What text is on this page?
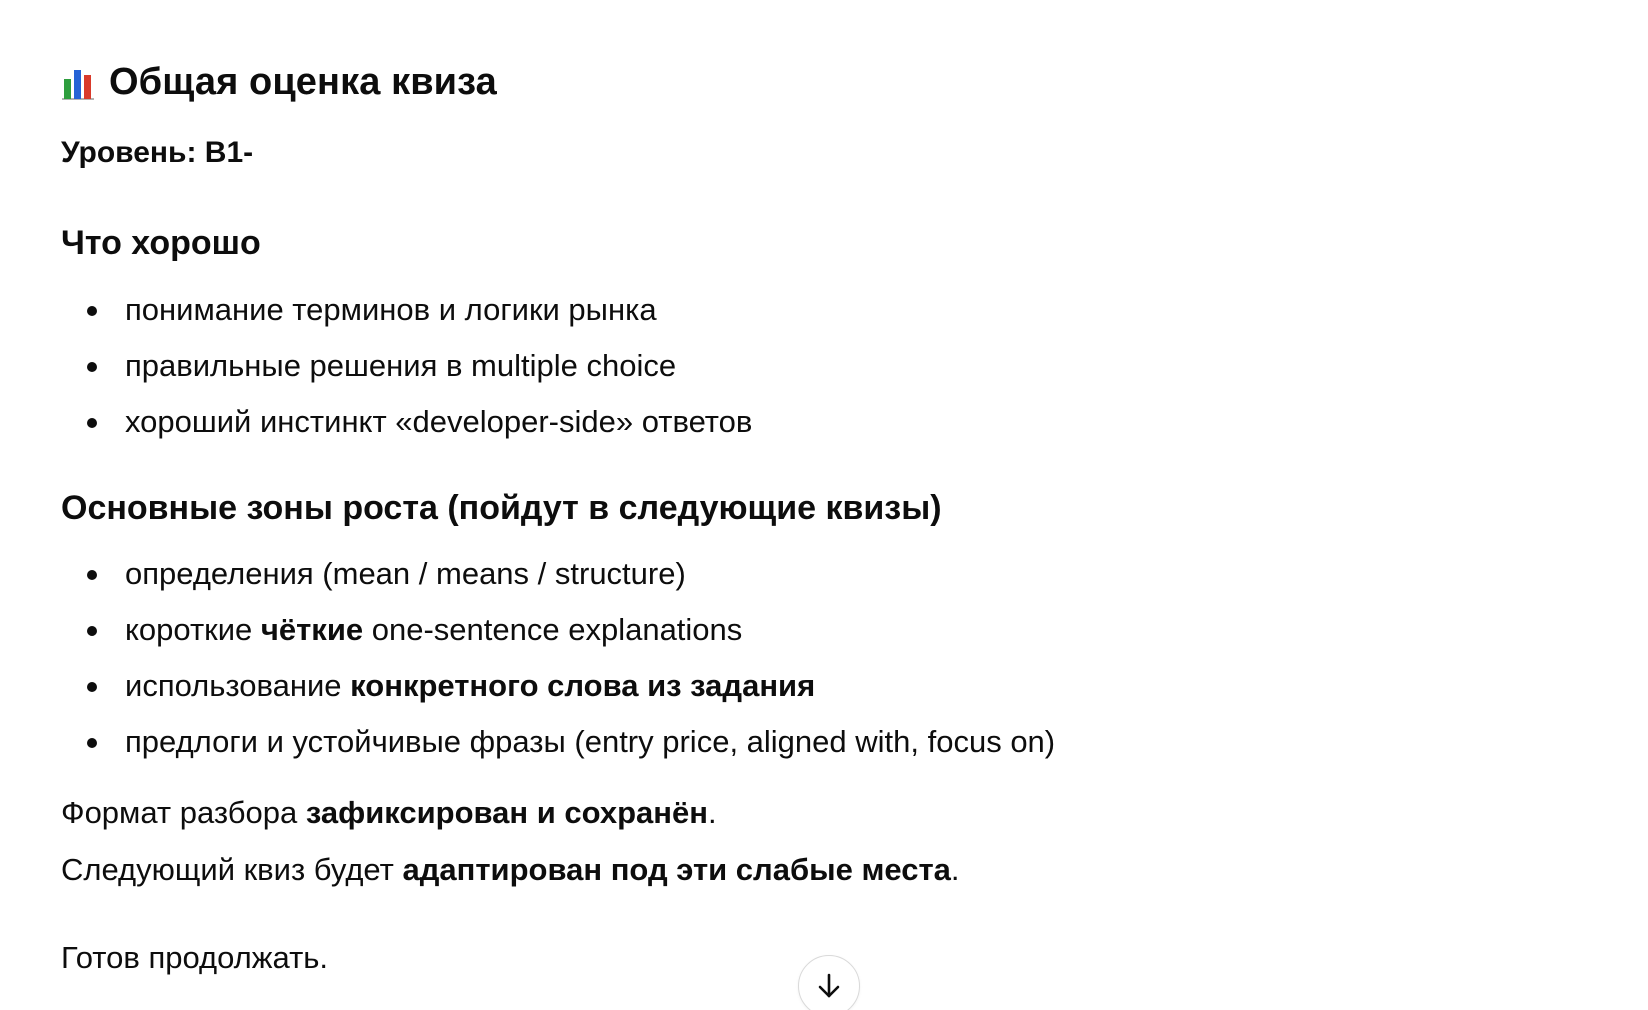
Общая оценка квиза
Уровень: B1-
Что хорошо
понимание терминов и логики рынка
правильные решения в multiple choice
хороший инстинкт «developer-side» ответов
Основные зоны роста (пойдут в следующие квизы)
определения (mean / means / structure)
короткие чёткие one-sentence explanations
использование конкретного слова из задания
предлоги и устойчивые фразы (entry price, aligned with, focus on)
Формат разбора зафиксирован и сохранён.
Следующий квиз будет адаптирован под эти слабые места.
Готов продолжать.
